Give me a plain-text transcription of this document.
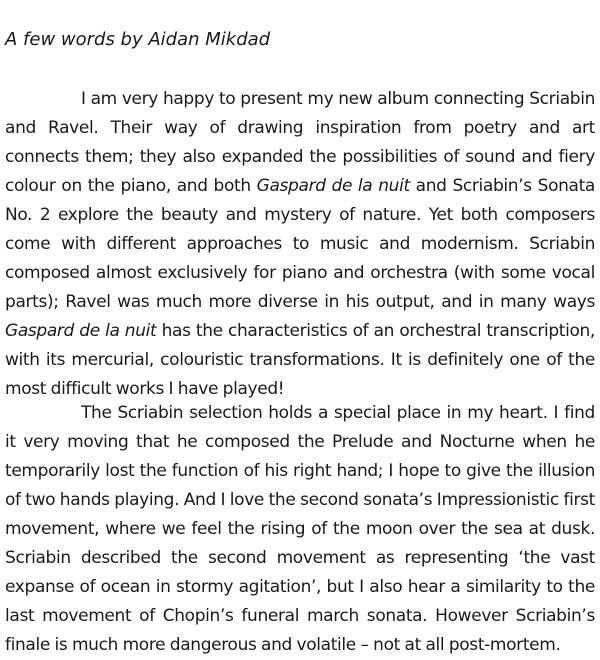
A few words by Aidan Mikdad

I am very happy to present my new album connecting Scriabin and Ravel. Their way of drawing inspiration from poetry and art connects them; they also expanded the possibilities of sound and fiery colour on the piano, and both Gaspard de la nuit and Scriabin’s Sonata No. 2 explore the beauty and mystery of nature. Yet both composers come with different approaches to music and modernism. Scriabin composed almost exclusively for piano and orchestra (with some vocal parts); Ravel was much more diverse in his output, and in many ways Gaspard de la nuit has the characteristics of an orchestral transcription, with its mercurial, colouristic transformations. It is definitely one of the most difficult works I have played!

The Scriabin selection holds a special place in my heart. I find it very moving that he composed the Prelude and Nocturne when he temporarily lost the function of his right hand; I hope to give the illusion of two hands playing. And I love the second sonata’s Impressionistic first movement, where we feel the rising of the moon over the sea at dusk. Scriabin described the second movement as representing ‘the vast expanse of ocean in stormy agitation’, but I also hear a similarity to the last movement of Chopin’s funeral march sonata. However Scriabin’s finale is much more dangerous and volatile – not at all post-mortem.
